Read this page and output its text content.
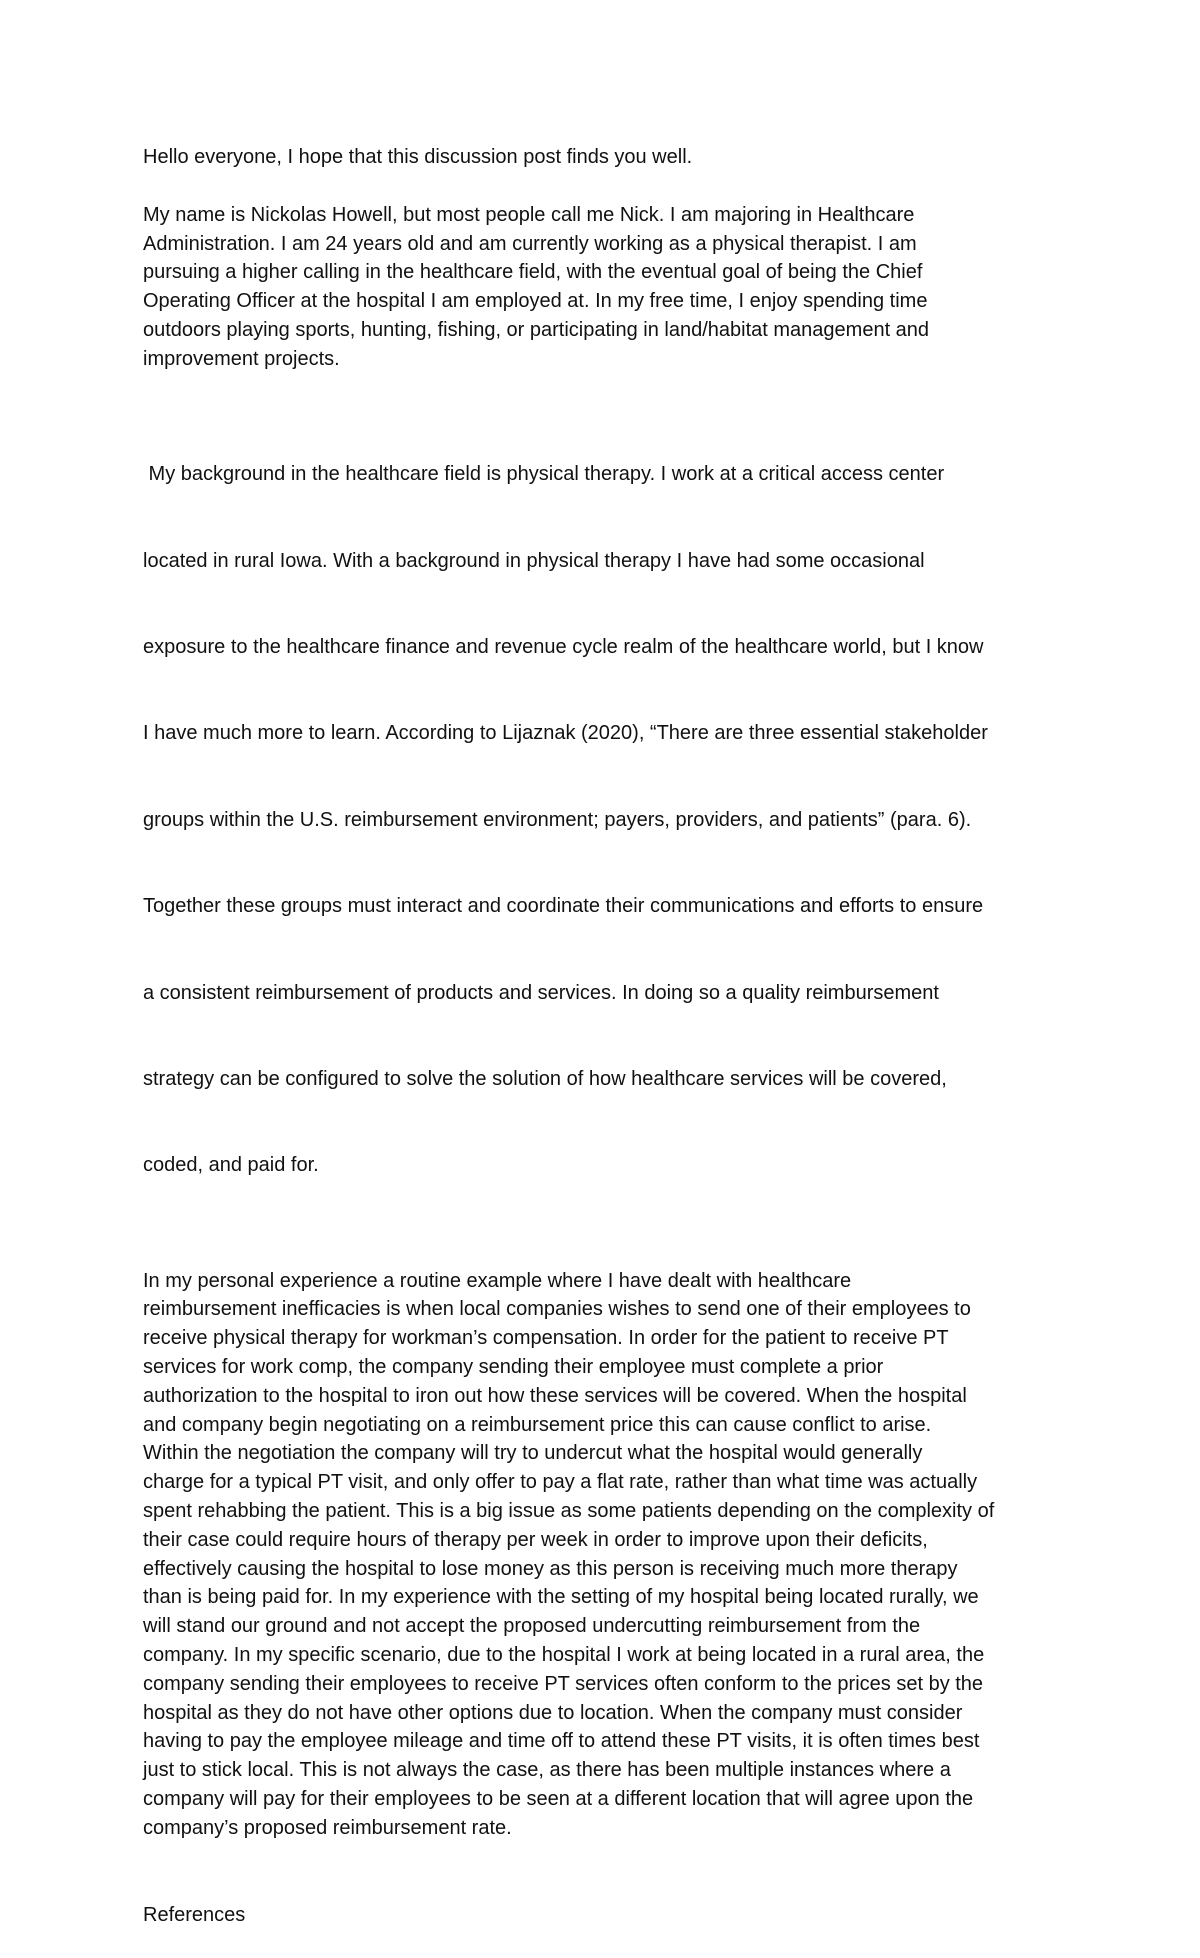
Hello everyone, I hope that this discussion post finds you well.

My name is Nickolas Howell, but most people call me Nick. I am majoring in Healthcare
Administration. I am 24 years old and am currently working as a physical therapist. I am
pursuing a higher calling in the healthcare field, with the eventual goal of being the Chief
Operating Officer at the hospital I am employed at. In my free time, I enjoy spending time
outdoors playing sports, hunting, fishing, or participating in land/habitat management and
improvement projects.

My background in the healthcare field is physical therapy. I work at a critical access center

located in rural Iowa. With a background in physical therapy I have had some occasional

exposure to the healthcare finance and revenue cycle realm of the healthcare world, but I know

I have much more to learn. According to Lijaznak (2020), “There are three essential stakeholder

groups within the U.S. reimbursement environment; payers, providers, and patients” (para. 6).

Together these groups must interact and coordinate their communications and efforts to ensure

a consistent reimbursement of products and services. In doing so a quality reimbursement

strategy can be configured to solve the solution of how healthcare services will be covered,

coded, and paid for.

In my personal experience a routine example where I have dealt with healthcare
reimbursement inefficacies is when local companies wishes to send one of their employees to
receive physical therapy for workman’s compensation. In order for the patient to receive PT
services for work comp, the company sending their employee must complete a prior
authorization to the hospital to iron out how these services will be covered. When the hospital
and company begin negotiating on a reimbursement price this can cause conflict to arise.
Within the negotiation the company will try to undercut what the hospital would generally
charge for a typical PT visit, and only offer to pay a flat rate, rather than what time was actually
spent rehabbing the patient. This is a big issue as some patients depending on the complexity of
their case could require hours of therapy per week in order to improve upon their deficits,
effectively causing the hospital to lose money as this person is receiving much more therapy
than is being paid for. In my experience with the setting of my hospital being located rurally, we
will stand our ground and not accept the proposed undercutting reimbursement from the
company. In my specific scenario, due to the hospital I work at being located in a rural area, the
company sending their employees to receive PT services often conform to the prices set by the
hospital as they do not have other options due to location. When the company must consider
having to pay the employee mileage and time off to attend these PT visits, it is often times best
just to stick local. This is not always the case, as there has been multiple instances where a
company will pay for their employees to be seen at a different location that will agree upon the
company’s proposed reimbursement rate.

References
